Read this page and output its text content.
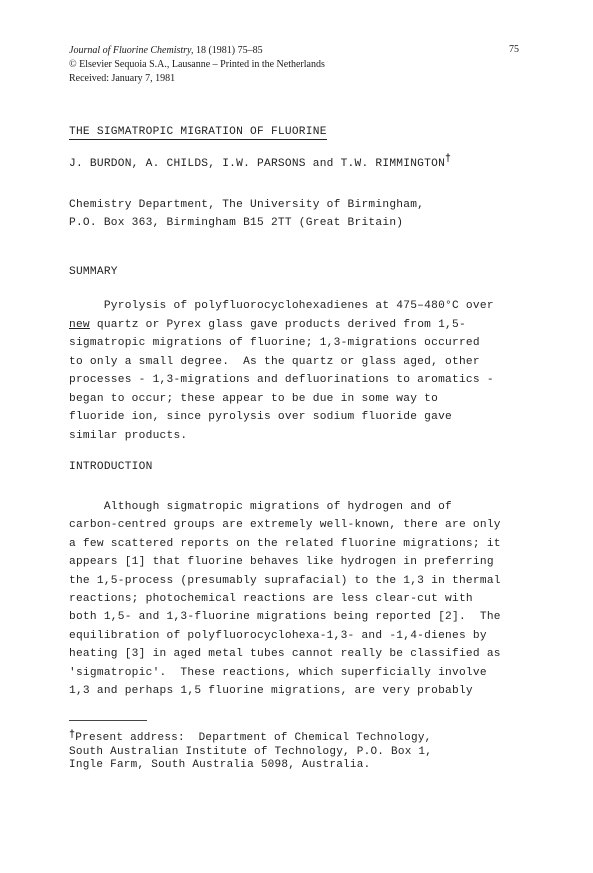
Journal of Fluorine Chemistry, 18 (1981) 75–85
© Elsevier Sequoia S.A., Lausanne – Printed in the Netherlands
Received: January 7, 1981
75
THE SIGMATROPIC MIGRATION OF FLUORINE
J. BURDON, A. CHILDS, I.W. PARSONS and T.W. RIMMINGTON†
Chemistry Department, The University of Birmingham,
P.O. Box 363, Birmingham B15 2TT (Great Britain)
SUMMARY
Pyrolysis of polyfluorocyclohexadienes at 475–480°C over
new quartz or Pyrex glass gave products derived from 1,5-
sigmatropic migrations of fluorine; 1,3-migrations occurred
to only a small degree.  As the quartz or glass aged, other
processes - 1,3-migrations and defluorinations to aromatics -
began to occur; these appear to be due in some way to
fluoride ion, since pyrolysis over sodium fluoride gave
similar products.
INTRODUCTION
Although sigmatropic migrations of hydrogen and of
carbon-centred groups are extremely well-known, there are only
a few scattered reports on the related fluorine migrations; it
appears [1] that fluorine behaves like hydrogen in preferring
the 1,5-process (presumably suprafacial) to the 1,3 in thermal
reactions; photochemical reactions are less clear-cut with
both 1,5- and 1,3-fluorine migrations being reported [2].  The
equilibration of polyfluorocyclohexa-1,3- and -1,4-dienes by
heating [3] in aged metal tubes cannot really be classified as
'sigmatropic'.  These reactions, which superficially involve
1,3 and perhaps 1,5 fluorine migrations, are very probably
†Present address:  Department of Chemical Technology,
South Australian Institute of Technology, P.O. Box 1,
Ingle Farm, South Australia 5098, Australia.
